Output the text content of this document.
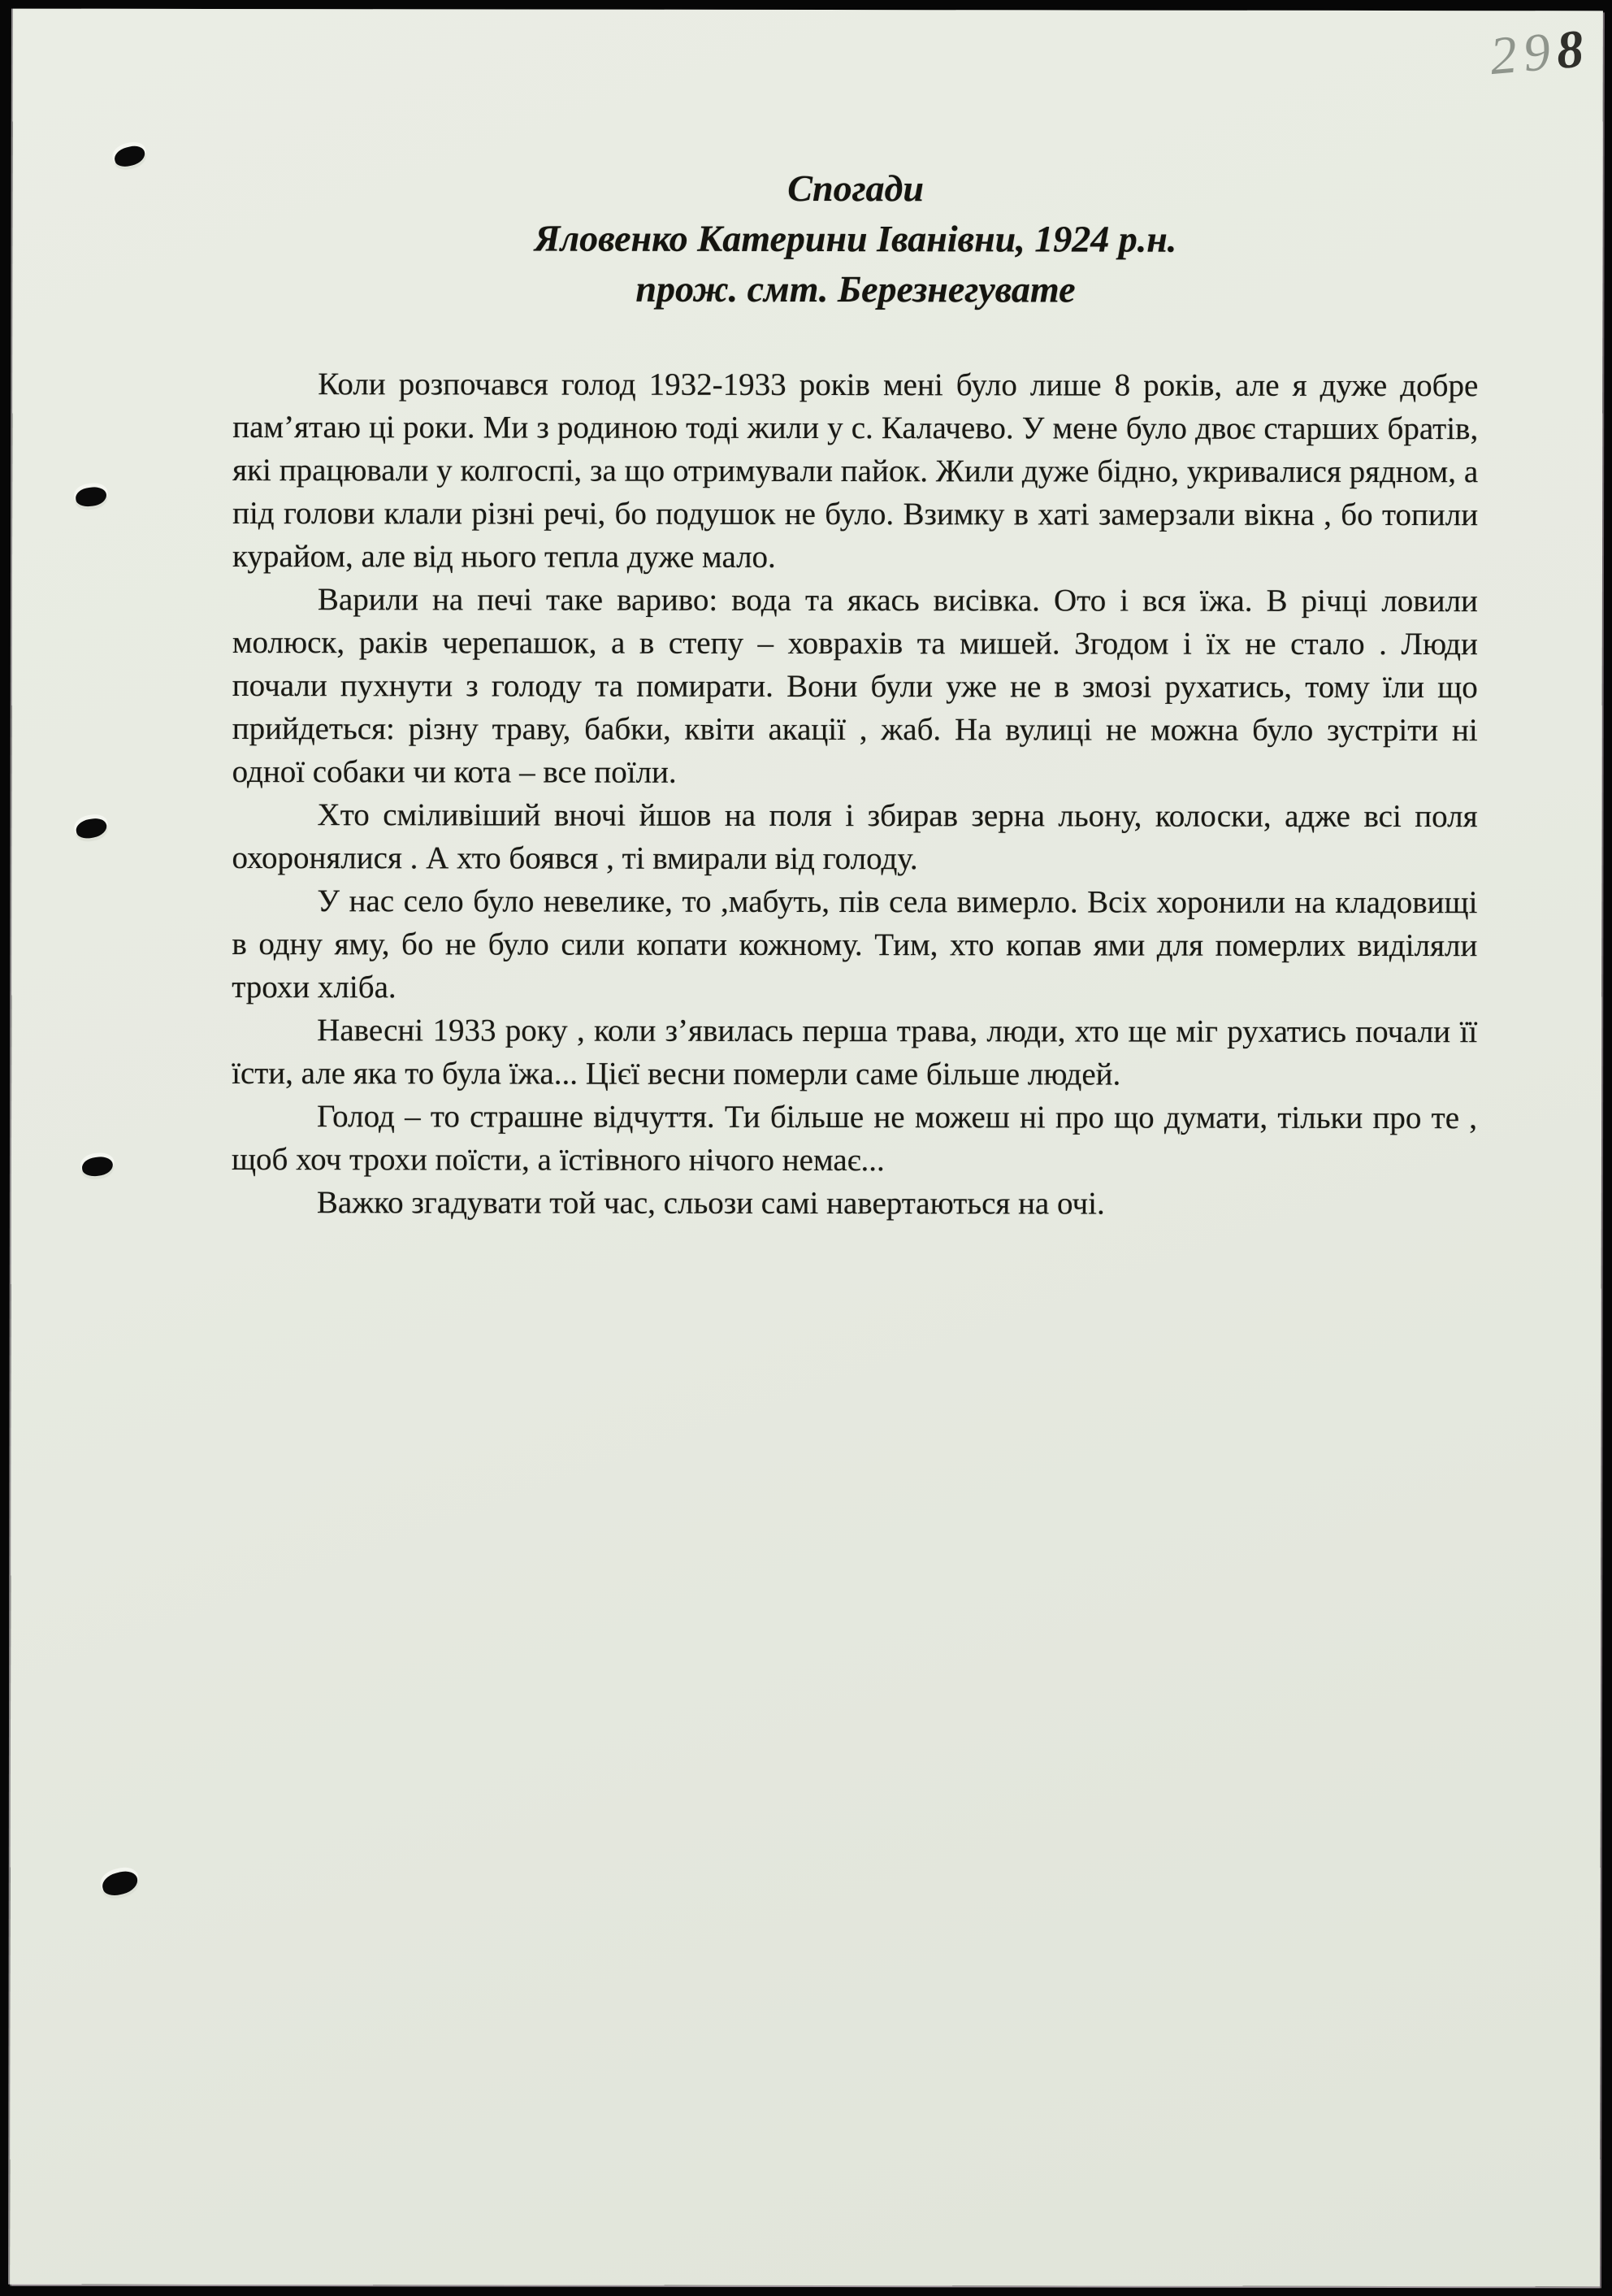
298
Спогади
Яловенко Катерини Іванівни, 1924 р.н.
прож. смт. Березнегувате

Коли розпочався голод 1932-1933 років мені було лише 8 років, але я дуже добре пам’ятаю ці роки. Ми з родиною тоді жили у с. Калачево. У мене було двоє старших братів, які працювали у колгоспі, за що отримували пайок. Жили дуже бідно, укривалися рядном, а під голови клали різні речі, бо подушок не було. Взимку в хаті замерзали вікна , бо топили курайом, але від нього тепла дуже мало.

Варили на печі таке вариво: вода та якась висівка. Ото і вся їжа. В річці ловили молюск, раків черепашок, а в степу – ховрахів та мишей. Згодом і їх не стало . Люди почали пухнути з голоду та помирати. Вони були уже не в змозі рухатись, тому їли що прийдеться: різну траву, бабки, квіти акації , жаб. На вулиці не можна було зустріти ні одної собаки чи кота – все поїли.

Хто сміливіший вночі йшов на поля і збирав зерна льону, колоски, адже всі поля охоронялися . А хто боявся , ті вмирали від голоду.

У нас село було невелике, то ,мабуть, пів села вимерло. Всіх хоронили на кладовищі в одну яму, бо не було сили копати кожному. Тим, хто копав ями для померлих виділяли трохи хліба.

Навесні 1933 року , коли з’явилась перша трава, люди, хто ще міг рухатись почали її їсти, але яка то була їжа... Цієї весни померли саме більше людей.

Голод – то страшне відчуття. Ти більше не можеш ні про що думати, тільки про те , щоб хоч трохи поїсти, а їстівного нічого немає...

Важко згадувати той час, сльози самі навертаються на очі.
